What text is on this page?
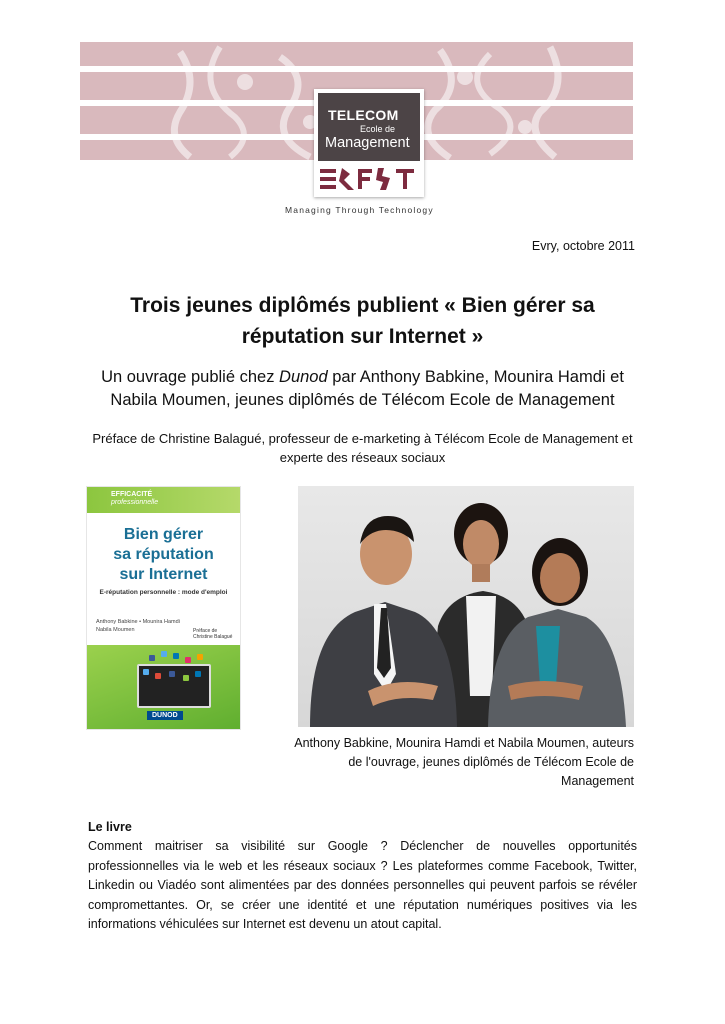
TELECOM
Ecole de
Management
Managing Through Technology
Evry, octobre 2011
Trois jeunes diplômés publient « Bien gérer sa réputation sur Internet »
Un ouvrage publié chez Dunod par Anthony Babkine, Mounira Hamdi et Nabila Moumen, jeunes diplômés de Télécom Ecole de Management
Préface de Christine Balagué, professeur de e-marketing à Télécom Ecole de Management et experte des réseaux sociaux
EFFICACITÉ
professionnelle
Bien gérer
sa réputation
sur Internet
E-réputation personnelle : mode d'emploi
Anthony Babkine • Mounira Hamdi
Nabila Moumen	Préface de
Christine Balagué
DUNOD
Anthony Babkine, Mounira Hamdi et Nabila Moumen, auteurs de l'ouvrage, jeunes diplômés de Télécom Ecole de Management
Le livre
Comment maitriser sa visibilité sur Google ? Déclencher de nouvelles opportunités professionnelles via le web et les réseaux sociaux ? Les plateformes comme Facebook, Twitter, Linkedin ou Viadéo sont alimentées par des données personnelles qui peuvent parfois se révéler compromettantes. Or, se créer une identité et une réputation numériques positives via les informations véhiculées sur Internet est devenu un atout capital.
